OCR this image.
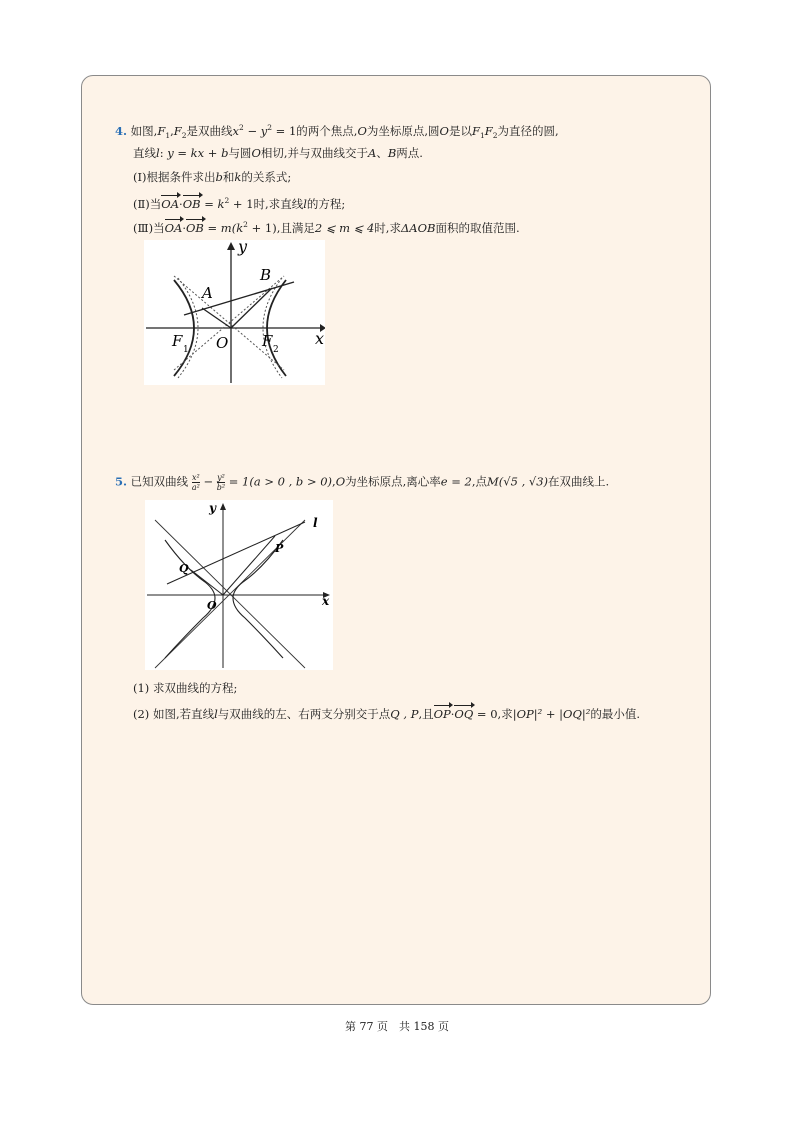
4. 如图$,F_1,F_2$是双曲线$x^2 - y^2 = 1$的两个焦点,O为坐标原点,圆O是以$F_1F_2$为直径的圆,
直线l: y = kx + b与圆O相切,并与双曲线交于A、B两点.
(Ⅰ)根据条件求出b和k的关系式;
(Ⅱ)当$OA\cdot OB = k^2 + 1$时,求直线l的方程;
(Ⅲ)当$OA\cdot OB = m(k^2 + 1)$,且满足2 ⩽ m ⩽ 4时,求ΔAOB面积的取值范围.
y
x
A
B
F 1 O F 2
5. 已知双曲线 $\frac{\text{x²}}{\text{a²}} - \frac{\text{y²}}{\text{b²}} = 1(a > 0$ , b > 0),O为坐标原点,离心率e = 2,点M(√5 , √3)在双曲线上.
y
l
P
Q
x
O
(1) 求双曲线的方程;
(2) 如图,若直线l与双曲线的左、右两支分别交于点Q , P,且OP·OQ = 0,求|OP|² + |OQ|²的最小值.
第 77 页　共 158 页
